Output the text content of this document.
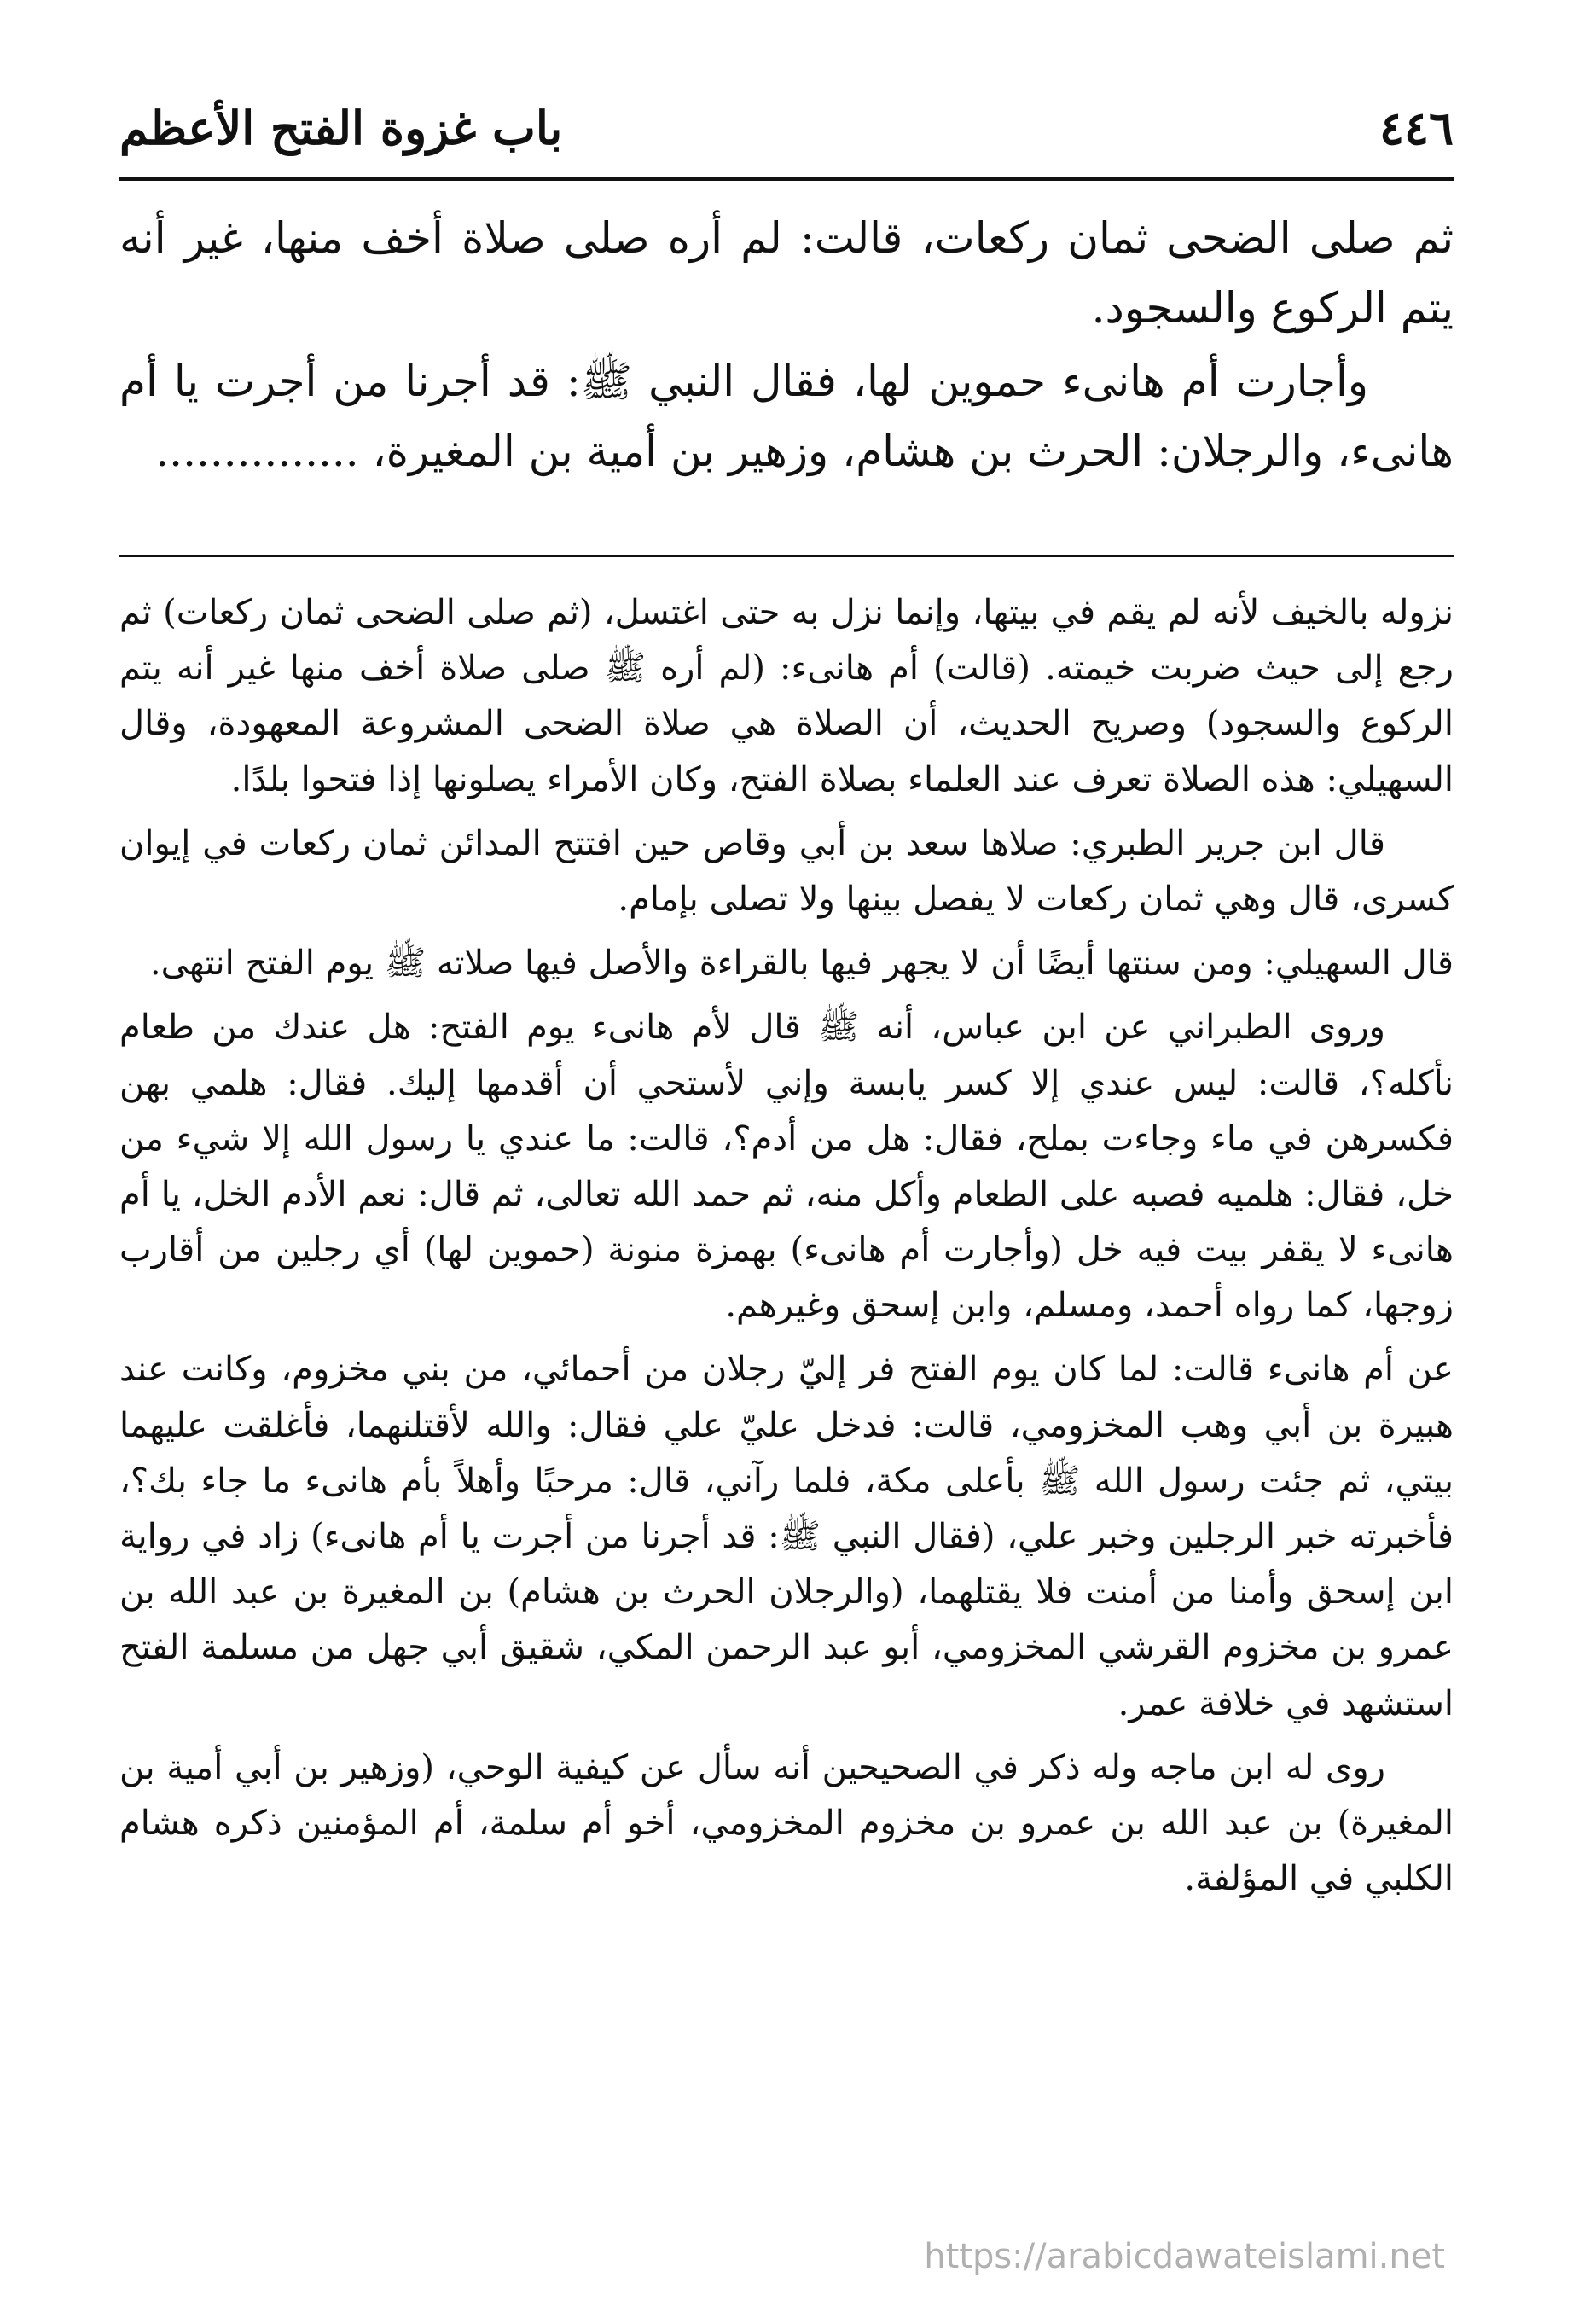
٤٤٦
باب غزوة الفتح الأعظم

ثم صلى الضحى ثمان ركعات، قالت: لم أره صلى صلاة أخف منها، غير أنه يتم الركوع والسجود.

وأجارت أم هانىء حموين لها، فقال النبي ﷺ: قد أجرنا من أجرت يا أم هانىء، والرجلان: الحرث بن هشام، وزهير بن أمية بن المغيرة، ...............

نزوله بالخيف لأنه لم يقم في بيتها، وإنما نزل به حتى اغتسل، (ثم صلى الضحى ثمان ركعات) ثم رجع إلى حيث ضربت خيمته. (قالت) أم هانىء: (لم أره ﷺ صلى صلاة أخف منها غير أنه يتم الركوع والسجود) وصريح الحديث، أن الصلاة هي صلاة الضحى المشروعة المعهودة، وقال السهيلي: هذه الصلاة تعرف عند العلماء بصلاة الفتح، وكان الأمراء يصلونها إذا فتحوا بلدًا.

قال ابن جرير الطبري: صلاها سعد بن أبي وقاص حين افتتح المدائن ثمان ركعات في إيوان كسرى، قال وهي ثمان ركعات لا يفصل بينها ولا تصلى بإمام.

قال السهيلي: ومن سنتها أيضًا أن لا يجهر فيها بالقراءة والأصل فيها صلاته ﷺ يوم الفتح انتهى.

وروى الطبراني عن ابن عباس، أنه ﷺ قال لأم هانىء يوم الفتح: هل عندك من طعام نأكله؟، قالت: ليس عندي إلا كسر يابسة وإني لأستحي أن أقدمها إليك. فقال: هلمي بهن فكسرهن في ماء وجاءت بملح، فقال: هل من أدم؟، قالت: ما عندي يا رسول الله إلا شيء من خل، فقال: هلميه فصبه على الطعام وأكل منه، ثم حمد الله تعالى، ثم قال: نعم الأدم الخل، يا أم هانىء لا يقفر بيت فيه خل (وأجارت أم هانىء) بهمزة منونة (حموين لها) أي رجلين من أقارب زوجها، كما رواه أحمد، ومسلم، وابن إسحق وغيرهم.

عن أم هانىء قالت: لما كان يوم الفتح فر إليّ رجلان من أحمائي، من بني مخزوم، وكانت عند هبيرة بن أبي وهب المخزومي، قالت: فدخل عليّ علي فقال: والله لأقتلنهما، فأغلقت عليهما بيتي، ثم جئت رسول الله ﷺ بأعلى مكة، فلما رآني، قال: مرحبًا وأهلاً بأم هانىء ما جاء بك؟، فأخبرته خبر الرجلين وخبر علي، (فقال النبي ﷺ: قد أجرنا من أجرت يا أم هانىء) زاد في رواية ابن إسحق وأمنا من أمنت فلا يقتلهما، (والرجلان الحرث بن هشام) بن المغيرة بن عبد الله بن عمرو بن مخزوم القرشي المخزومي، أبو عبد الرحمن المكي، شقيق أبي جهل من مسلمة الفتح استشهد في خلافة عمر.

روى له ابن ماجه وله ذكر في الصحيحين أنه سأل عن كيفية الوحي، (وزهير بن أبي أمية بن المغيرة) بن عبد الله بن عمرو بن مخزوم المخزومي، أخو أم سلمة، أم المؤمنين ذكره هشام الكلبي في المؤلفة.

https://arabicdawateislami.net
